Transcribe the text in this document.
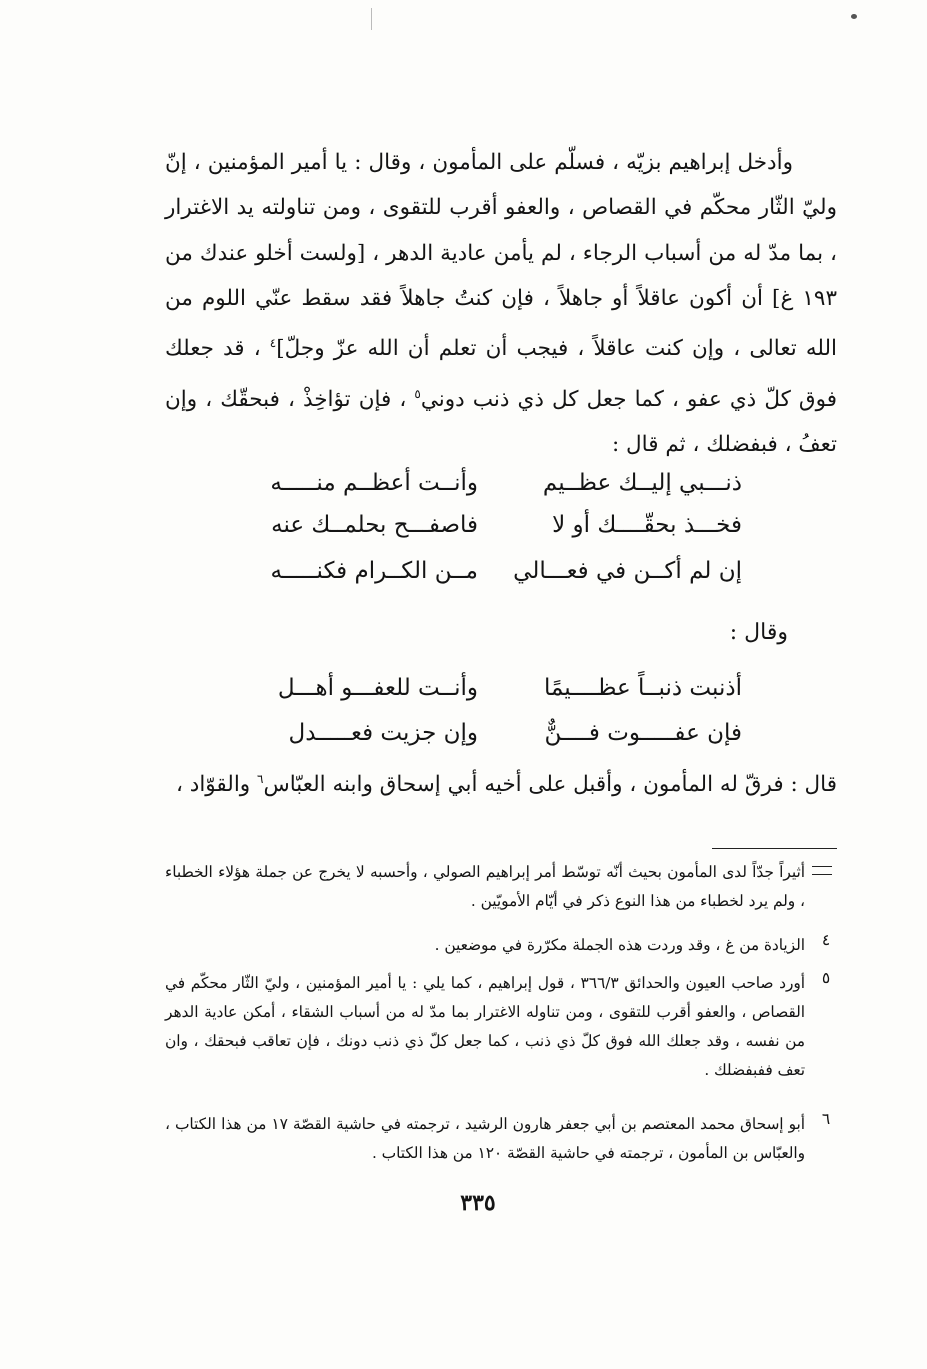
وأدخل إبراهيم بزيّه ، فسلّم على المأمون ، وقال : يا أمير المؤمنين ، إنّ وليّ الثّار محكّم في القصاص ، والعفو أقرب للتقوى ، ومن تناولته يد الاغترار ، بما مدّ له من أسباب الرجاء ، لم يأمن عادية الدهر ، [ولست أخلو عندك من ١٩٣ غ] أن أكون عاقلاً أو جاهلاً ، فإن كنتُ جاهلاً فقد سقط عنّي اللوم من الله تعالى ، وإن كنت عاقلاً ، فيجب أن تعلم أن الله عزّ وجلّ]$^٤$ ، قد جعلك فوق كلّ ذي عفو ، كما جعل كل ذي ذنب دوني$^٥$ ، فإن تؤاخِذْ ، فبحقّك ، وإن تعفُ ، فبفضلك ، ثم قال :

ذنـــبي إليــك عظــيم
وأنــت أعظــم منـــــه
فخـــذ بحقّــــك أو لا
فاصفـــح بحلمــك عنه
إن لم أكــن في فعـــالي
مــن الكــرام فكنـــــه
وقال :
أذنبت ذنبــاً عظــــيمًا
وأنــت للعفـــو أهـــل
فإن عفـــــوت فــــنٌّ
وإن جزيت فعـــــدل
قال : فرقّ له المأمون ، وأقبل على أخيه أبي إسحاق وابنه العبّاس$^٦$ والقوّاد ،
أثيراً جدّاً لدى المأمون بحيث أنّه توسّط أمر إبراهيم الصولي ، وأحسبه لا يخرج عن جملة هؤلاء الخطباء ، ولم يرد لخطباء من هذا النوع ذكر في أيّام الأمويّين .
٤
الزيادة من غ ، وقد وردت هذه الجملة مكرّرة في موضعين .
٥
أورد صاحب العيون والحدائق ٣٦٦/٣ ، قول إبراهيم ، كما يلي : يا أمير المؤمنين ، وليّ الثّار محكّم في القصاص ، والعفو أقرب للتقوى ، ومن تناوله الاغترار بما مدّ له من أسباب الشقاء ، أمكن عادية الدهر من نفسه ، وقد جعلك الله فوق كلّ ذي ذنب ، كما جعل كلّ ذي ذنب دونك ، فإن تعاقب فبحقك ، وان تعف ففبفضلك .
٦
أبو إسحاق محمد المعتصم بن أبي جعفر هارون الرشيد ، ترجمته في حاشية القصّة ١٧ من هذا الكتاب ، والعبّاس بن المأمون ، ترجمته في حاشية القصّة ١٢٠ من هذا الكتاب .
٣٣٥
